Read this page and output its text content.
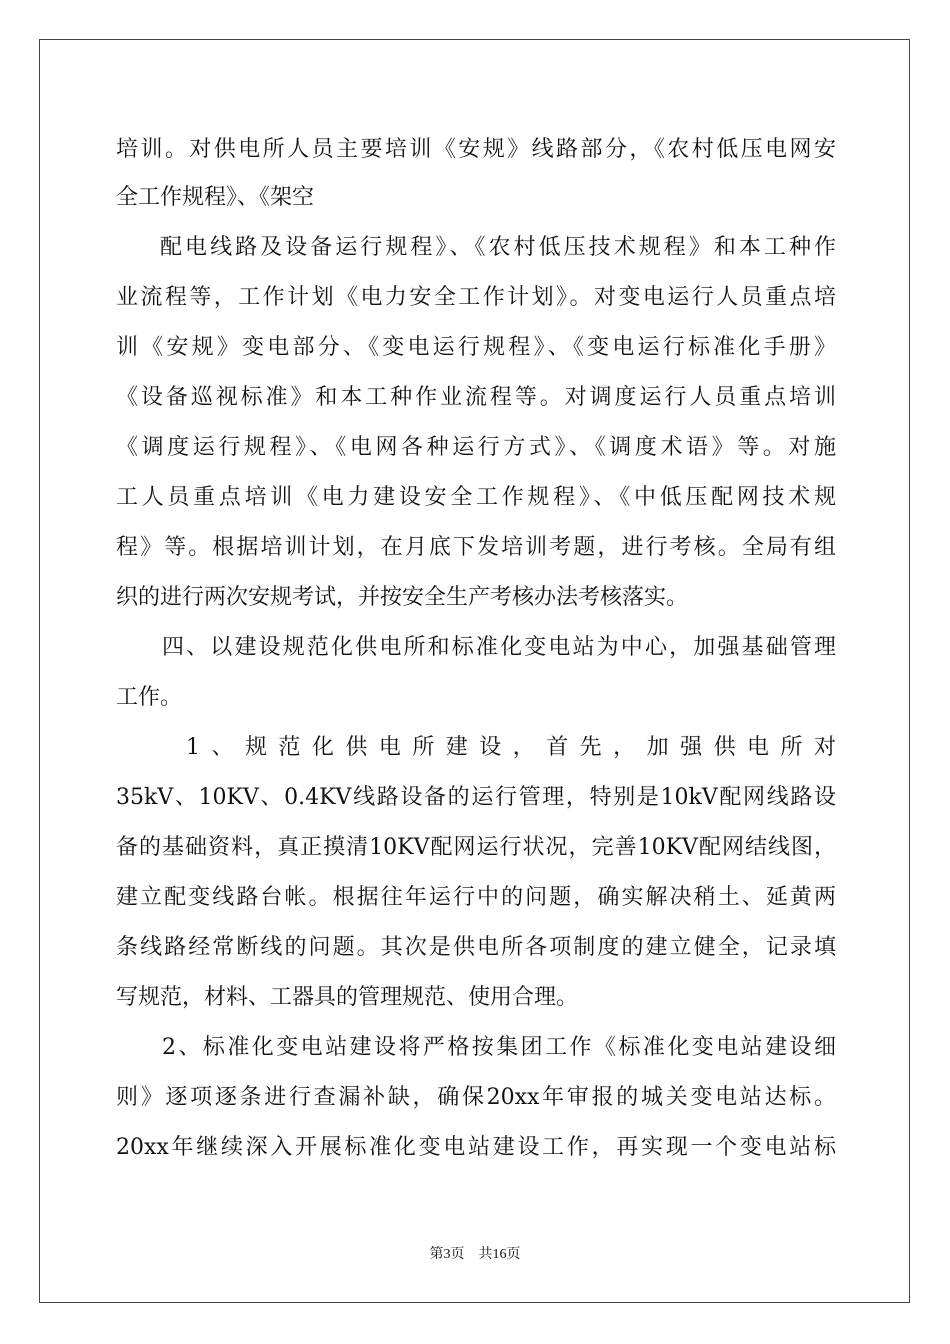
培训。对供电所人员主要培训《安规》线路部分，《农村低压电网安
全工作规程》、《架空
配电线路及设备运行规程》、《农村低压技术规程》和本工种作
业流程等，工作计划《电力安全工作计划》。对变电运行人员重点培
训《安规》变电部分、《变电运行规程》、《变电运行标准化手册》
《设备巡视标准》和本工种作业流程等。对调度运行人员重点培训
《调度运行规程》、《电网各种运行方式》、《调度术语》等。对施
工人员重点培训《电力建设安全工作规程》、《中低压配网技术规
程》等。根据培训计划，在月底下发培训考题，进行考核。全局有组
织的进行两次安规考试，并按安全生产考核办法考核落实。
四、以建设规范化供电所和标准化变电站为中心，加强基础管理
工作。
1、规范化供电所建设，首先，加强供电所对
35kV、10KV、0.4KV线路设备的运行管理，特别是10kV配网线路设
备的基础资料，真正摸清10KV配网运行状况，完善10KV配网结线图，
建立配变线路台帐。根据往年运行中的问题，确实解决稍土、延黄两
条线路经常断线的问题。其次是供电所各项制度的建立健全，记录填
写规范，材料、工器具的管理规范、使用合理。
2、标准化变电站建设将严格按集团工作《标准化变电站建设细
则》逐项逐条进行查漏补缺，确保20xx年审报的城关变电站达标。
20xx年继续深入开展标准化变电站建设工作，再实现一个变电站标
第3页 共16页
